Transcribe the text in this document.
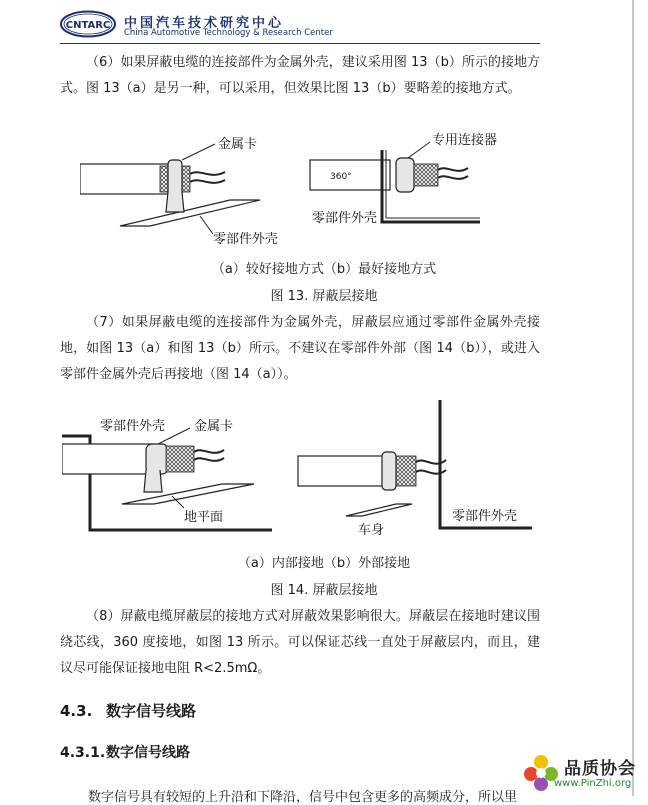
CNTARC 中国汽车技术研究中心
China Automotive Technology & Research Center

（6）如果屏蔽电缆的连接部件为金属外壳，建议采用图 13（b）所示的接地方式。图 13（a）是另一种，可以采用，但效果比图 13（b）要略差的接地方式。

金属卡
零部件外壳
360°
专用连接器
零部件外壳
（a）较好接地方式（b）最好接地方式
图 13. 屏蔽层接地

（7）如果屏蔽电缆的连接部件为金属外壳，屏蔽层应通过零部件金属外壳接地，如图 13（a）和图 13（b）所示。不建议在零部件外部（图 14（b）），或进入零部件金属外壳后再接地（图 14（a））。

零部件外壳 金属卡
地平面
车身
零部件外壳
（a）内部接地（b）外部接地
图 14. 屏蔽层接地

（8）屏蔽电缆屏蔽层的接地方式对屏蔽效果影响很大。屏蔽层在接地时建议围绕芯线，360 度接地，如图 13 所示。可以保证芯线一直处于屏蔽层内，而且，建议尽可能保证接地电阻 R<2.5mΩ。

4.3. 数字信号线路
4.3.1.数字信号线路
数字信号具有较短的上升沿和下降沿，信号中包含更多的高频成分，所以里
品质协会
www.PinZhi.org
